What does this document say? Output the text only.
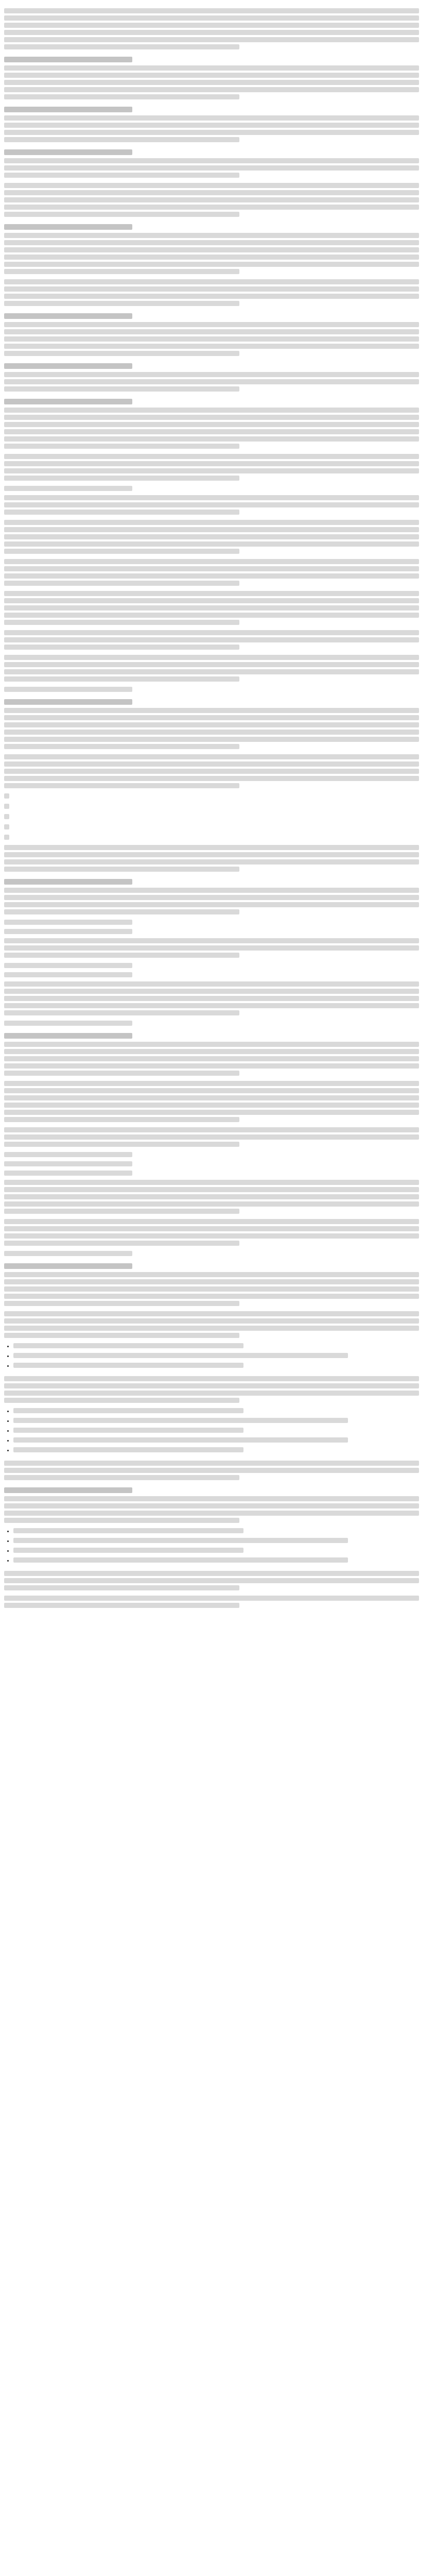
•
•
•
•
•
•
•
•
•
•
•
•
